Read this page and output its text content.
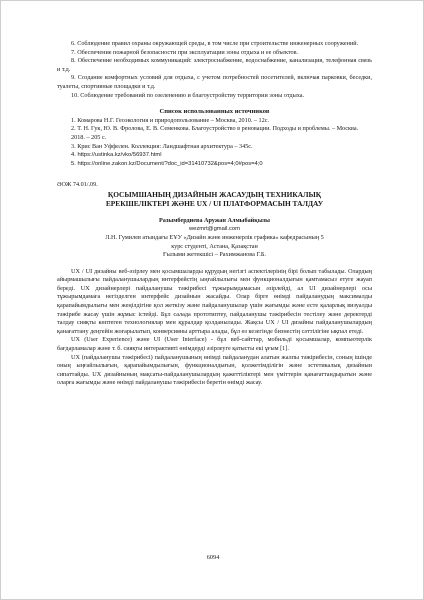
6. Соблюдение правил охраны окружающей среды, в том числе при строительстве инженерных сооружений.

7. Обеспечение пожарной безопасности при эксплуатации зоны отдыха и ее объектов.

8. Обеспечение необходимых коммуникаций: электроснабжение, водоснабжение, канализация, телефонная связь и т.д.

9. Создание комфортных условий для отдыха, с учетом потребностей посетителей, включая парковки, беседки, туалеты, спортивные площадки и т.д.

10. Соблюдение требований по озеленению и благоустройству территории зоны отдыха.

Список использованных источников

1. Комарова Н.Г. Геоэкология и природопользование – Москва, 2010. – 12с.

2. Т. Н. Гук, Ю. В. Фролова, Е. В. Семенкова. Благоустройство в реновации. Подходы и проблемы. – Москва. 2018. – 205 с.

3. Крис Ван Уффелен. Коллекция: Ландшафтная архитектура – 345с.

4. https://ustinka.kz/vko/56937.html

5. https://online.zakon.kz/Document/?doc_id=31410732&pos=4;0#pos=4;0

ӘОЖ 74.01/.09.

ҚОСЫМШАНЫҢ ДИЗАЙНЫН ЖАСАУДЫҢ ТЕХНИКАЛЫҚ

ЕРЕКШЕЛІКТЕРІ ЖӘНЕ UX / UI ПЛАТФОРМАСЫН ТАЛДАУ

Разымбердиева Аружан Алмыбайқызы

wezmrt@gmail.com

Л.Н. Гумилев атындағы ЕҰУ «Дизайн және инженерлік графика» кафедрасының 5

курс студенті, Астана, Қазақстан

Ғылыми жетекшісі – Рахимжанова Г.Б.

UX / UI дизайны веб-әзірлеу мен қосымшаларды құрудың негізгі аспектілерінің бірі болып табылады. Олардың айырмашылығы пайдаланушылардың интерфейстің ыңғайлылығы мен функционалдығын қамтамасыз етуге жауап береді. UX дизайнерлері пайдаланушы тәжірибесі тұжырымдамасын әзірлейді, ал UI дизайнерлері осы тұжырымдамаға негізделген интерфейс дизайнын жасайды. Олар бірге өнімді пайдаланудың максималды қарапайымдылығы мен жеңілдігіне қол жеткізу және пайдаланушылар үшін жағымды және есте қаларлық визуалды тәжірибе жасау үшін жұмыс істейді. Бұл салада прототиптеу, пайдаланушы тәжірибесін тестілеу және деректерді талдау сияқты көптеген технологиялар мен құралдар қолданылады. Жақсы UX / UI дизайны пайдаланушылардың қанағаттану деңгейін жоғарылатып, конверсияны арттыра алады, бұл өз кезегінде бизнестің сәттілігіне ықпал етеді.

UX (User Experience) және UI (User Interface) - бұл веб-сайттар, мобильді қосымшалар, компьютерлік бағдарламалар және т. б. сияқты интерактивті өнімдерді әзірлеуге қатысты екі ұғым [1].

UX (пайдаланушы тәжірибесі) пайдаланушының өнімді пайдаланудан алатын жалпы тәжірибесін, соның ішінде оның ыңғайлылығын, қарапайымдылығын, функционалдығын, қолжетімділігін және эстетикалық дизайнын сипаттайды. UX дизайнының мақсаты-пайдаланушылардың қажеттіліктері мен үміттерін қанағаттандыратын және оларға жағымды және өнімді пайдаланушы тәжірибесін беретін өнімді жасау.

6094
